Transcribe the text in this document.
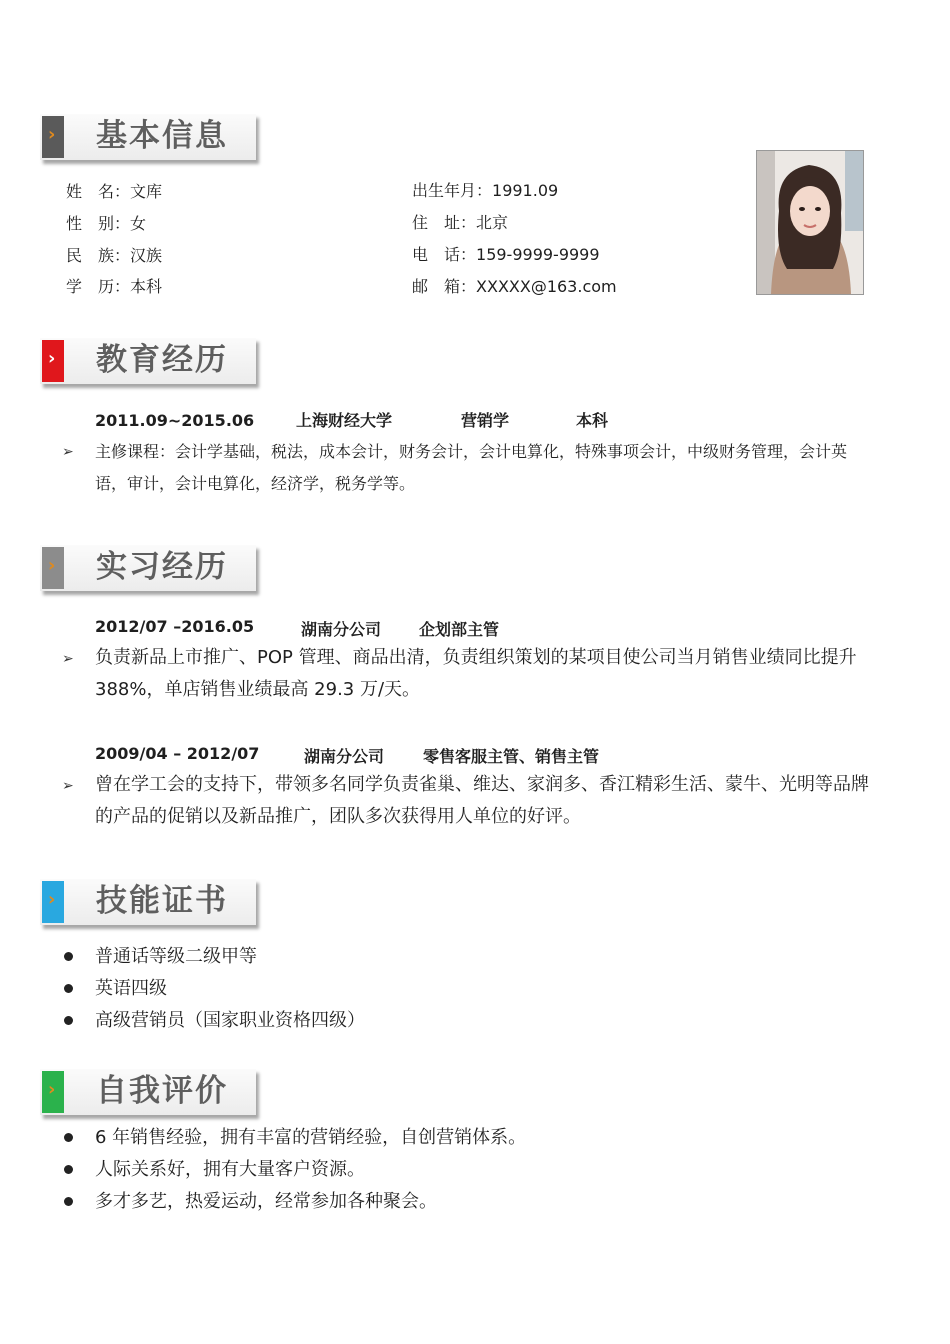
› 基本信息
姓　名：文库
性　别：女
民　族：汉族
学　历：本科
出生年月：1991.09
住　址：北京
电　话：159-9999-9999
邮　箱：XXXXX@163.com
› 教育经历
2011.09~2015.06	上海财经大学	营销学	本科
➢ 主修课程：会计学基础，税法，成本会计，财务会计，会计电算化，特殊事项会计，中级财务管理，会计英语，审计，会计电算化，经济学，税务学等。
› 实习经历
2012/07 –2016.05	湖南分公司 企划部主管
➢ 负责新品上市推广、POP 管理、商品出清，负责组织策划的某项目使公司当月销售业绩同比提升 388%，单店销售业绩最高 29.3 万/天。
2009/04 – 2012/07	湖南分公司 零售客服主管、销售主管
➢ 曾在学工会的支持下，带领多名同学负责雀巢、维达、家润多、香江精彩生活、蒙牛、光明等品牌的产品的促销以及新品推广，团队多次获得用人单位的好评。
› 技能证书
普通话等级二级甲等
英语四级
高级营销员（国家职业资格四级）
› 自我评价
6 年销售经验，拥有丰富的营销经验，自创营销体系。
人际关系好，拥有大量客户资源。
多才多艺，热爱运动，经常参加各种聚会。
